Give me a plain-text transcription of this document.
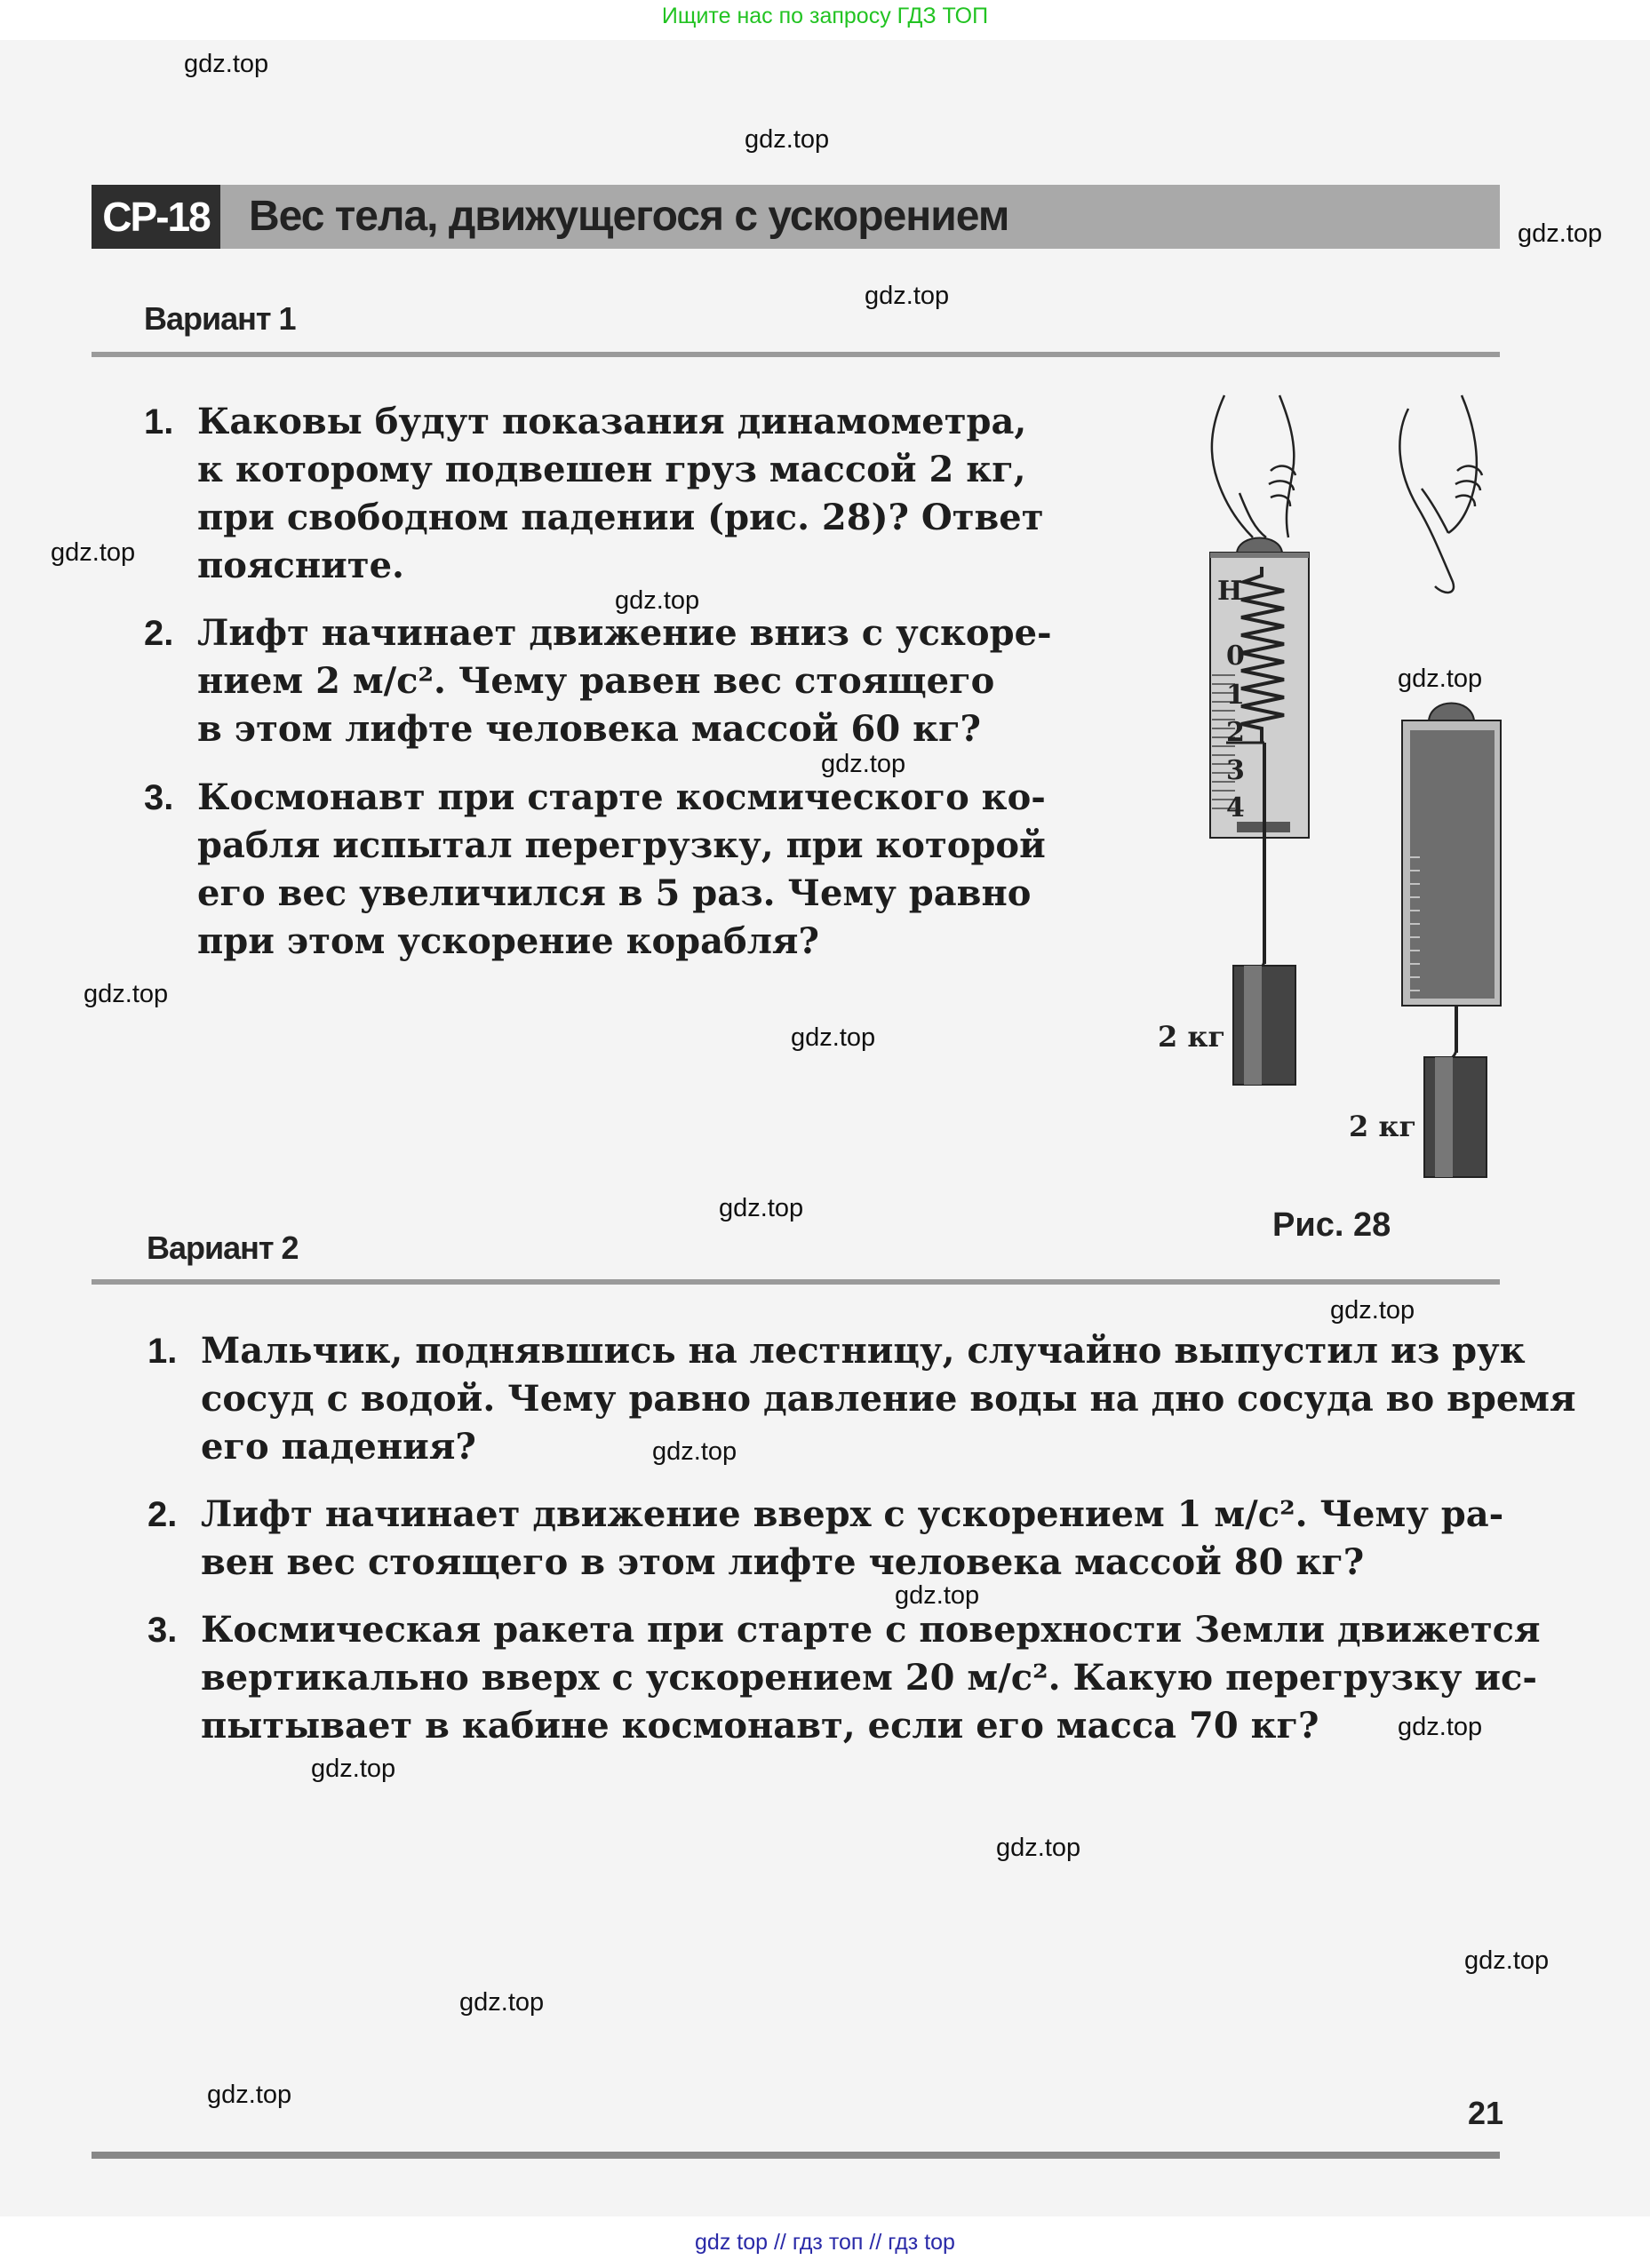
Ищите нас по запросу ГДЗ ТОП
СР-18 Вес тела, движущегося с ускорением
Вариант 1
1. Каковы будут показания динамометра,
к которому подвешен груз массой 2 кг,
при свободном падении (рис. 28)? Ответ
поясните.
2. Лифт начинает движение вниз с ускоре-
нием 2 м/с². Чему равен вес стоящего
в этом лифте человека массой 60 кг?
3. Космонавт при старте космического ко-
рабля испытал перегрузку, при которой
его вес увеличился в 5 раз. Чему равно
при этом ускорение корабля?
Н
0
1
2
3
4
2 кг
2 кг
Рис. 28
Вариант 2
1. Мальчик, поднявшись на лестницу, случайно выпустил из рук
сосуд с водой. Чему равно давление воды на дно сосуда во время
его падения?
2. Лифт начинает движение вверх с ускорением 1 м/с². Чему ра-
вен вес стоящего в этом лифте человека массой 80 кг?
3. Космическая ракета при старте с поверхности Земли движется
вертикально вверх с ускорением 20 м/с². Какую перегрузку ис-
пытывает в кабине космонавт, если его масса 70 кг?
21
gdz.top
gdz.top
gdz.top
gdz.top
gdz.top
gdz.top
gdz.top
gdz.top
gdz.top
gdz.top
gdz.top
gdz.top
gdz.top
gdz.top
gdz.top
gdz.top
gdz.top
gdz.top
gdz.top
gdz.top
gdz top // гдз топ // гдз top
